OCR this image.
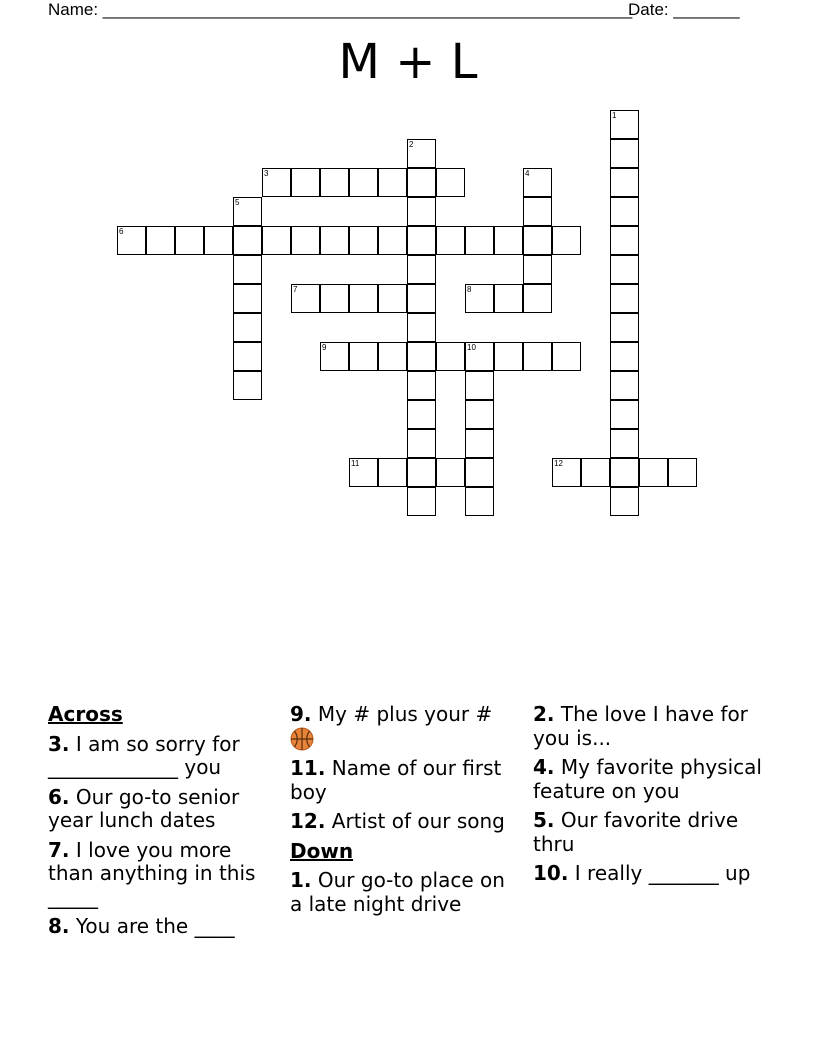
Name: ________________________________________________________
Date: _______
M + L
1
2
3	4
5
6
7	8
9	10
11	12
Across
3. I am so sorry for _____________ you
6. Our go-to senior year lunch dates
7. I love you more than anything in this _____
8. You are the ____
9. My # plus your #

11. Name of our first boy
12. Artist of our song
Down
1. Our go-to place on a late night drive
2. The love I have for you is...
4. My favorite physical feature on you
5. Our favorite drive thru
10. I really _______ up
